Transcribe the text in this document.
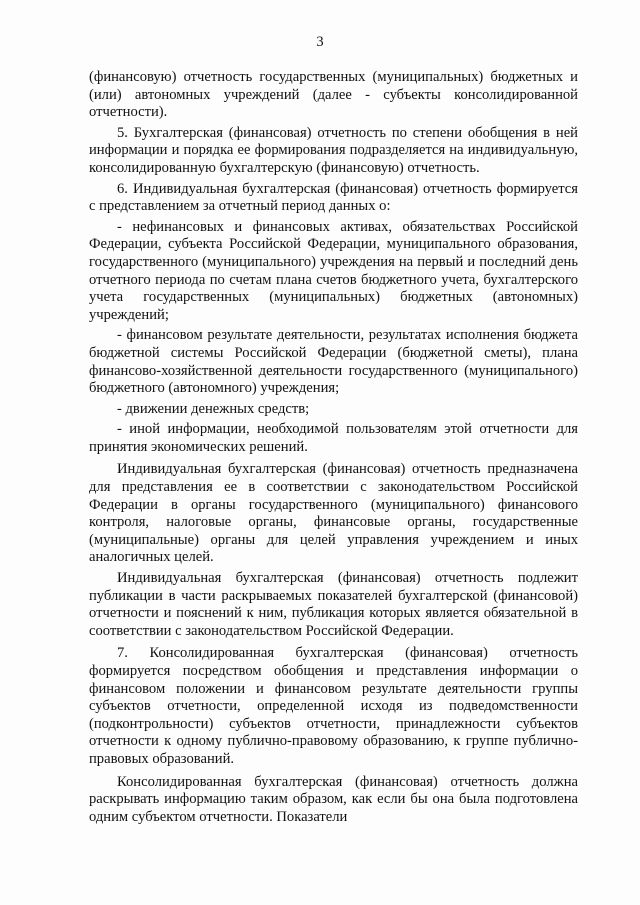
3

(финансовую) отчетность государственных (муниципальных) бюджетных и (или) автономных учреждений (далее - субъекты консолидированной отчетности).

5. Бухгалтерская (финансовая) отчетность по степени обобщения в ней информации и порядка ее формирования подразделяется на индивидуальную, консолидированную бухгалтерскую (финансовую) отчетность.

6. Индивидуальная бухгалтерская (финансовая) отчетность формируется с представлением за отчетный период данных о:

- нефинансовых и финансовых активах, обязательствах Российской Федерации, субъекта Российской Федерации, муниципального образования, государственного (муниципального) учреждения на первый и последний день отчетного периода по счетам плана счетов бюджетного учета, бухгалтерского учета государственных (муниципальных) бюджетных (автономных) учреждений;

- финансовом результате деятельности, результатах исполнения бюджета бюджетной системы Российской Федерации (бюджетной сметы), плана финансово-хозяйственной деятельности государственного (муниципального) бюджетного (автономного) учреждения;

- движении денежных средств;

- иной информации, необходимой пользователям этой отчетности для принятия экономических решений.

Индивидуальная бухгалтерская (финансовая) отчетность предназначена для представления ее в соответствии с законодательством Российской Федерации в органы государственного (муниципального) финансового контроля, налоговые органы, финансовые органы, государственные (муниципальные) органы для целей управления учреждением и иных аналогичных целей.

Индивидуальная бухгалтерская (финансовая) отчетность подлежит публикации в части раскрываемых показателей бухгалтерской (финансовой) отчетности и пояснений к ним, публикация которых является обязательной в соответствии с законодательством Российской Федерации.

7. Консолидированная бухгалтерская (финансовая) отчетность формируется посредством обобщения и представления информации о финансовом положении и финансовом результате деятельности группы субъектов отчетности, определенной исходя из подведомственности (подконтрольности) субъектов отчетности, принадлежности субъектов отчетности к одному публично-правовому образованию, к группе публично-правовых образований.

Консолидированная бухгалтерская (финансовая) отчетность должна раскрывать информацию таким образом, как если бы она была подготовлена одним субъектом отчетности. Показатели
